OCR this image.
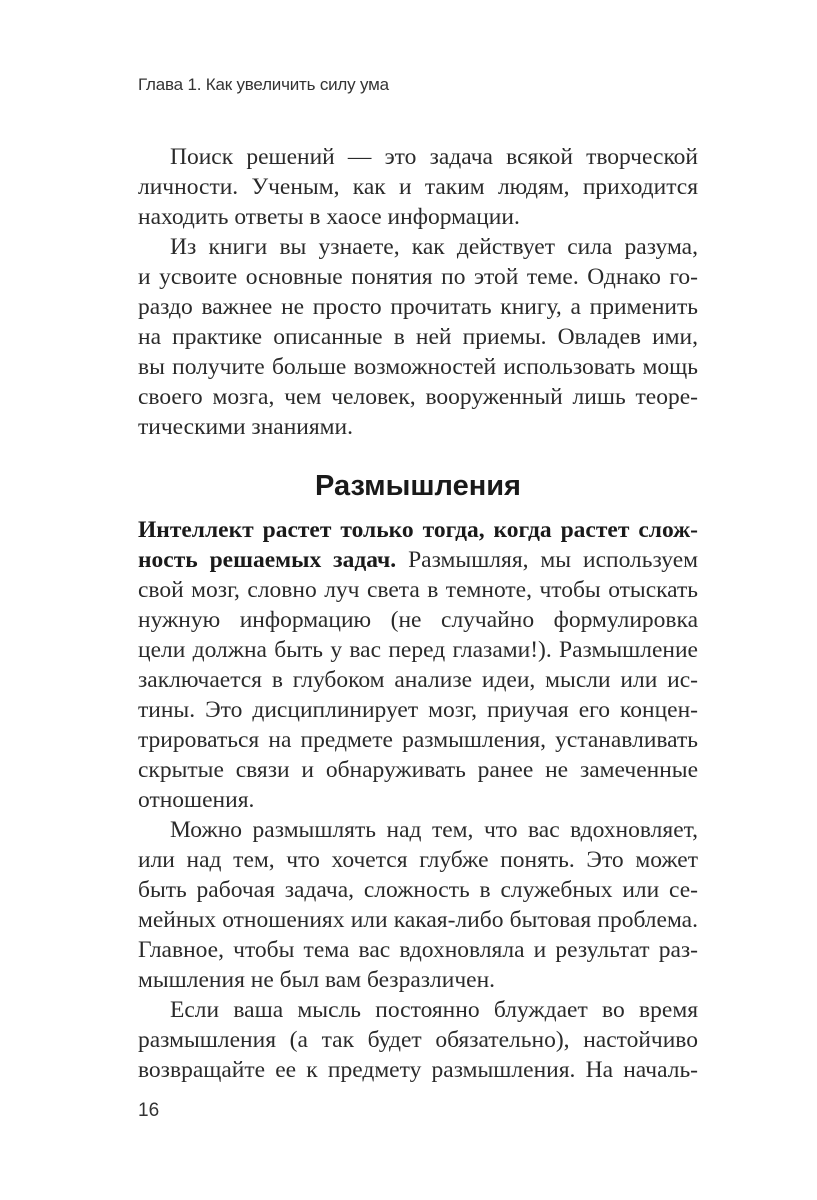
Глава 1. Как увеличить силу ума
Поиск решений — это задача всякой творческой
личности. Ученым, как и таким людям, приходится
находить ответы в хаосе информации.
Из книги вы узнаете, как действует сила разума,
и усвоите основные понятия по этой теме. Однако го-
раздо важнее не просто прочитать книгу, а применить
на практике описанные в ней приемы. Овладев ими,
вы получите больше возможностей использовать мощь
своего мозга, чем человек, вооруженный лишь теоре-
тическими знаниями.
Размышления
Интеллект растет только тогда, когда растет слож-
ность решаемых задач. Размышляя, мы используем
свой мозг, словно луч света в темноте, чтобы отыскать
нужную информацию (не случайно формулировка
цели должна быть у вас перед глазами!). Размышление
заключается в глубоком анализе идеи, мысли или ис-
тины. Это дисциплинирует мозг, приучая его концен-
трироваться на предмете размышления, устанавливать
скрытые связи и обнаруживать ранее не замеченные
отношения.
Можно размышлять над тем, что вас вдохновляет,
или над тем, что хочется глубже понять. Это может
быть рабочая задача, сложность в служебных или се-
мейных отношениях или какая-либо бытовая проблема.
Главное, чтобы тема вас вдохновляла и результат раз-
мышления не был вам безразличен.
Если ваша мысль постоянно блуждает во время
размышления (а так будет обязательно), настойчиво
возвращайте ее к предмету размышления. На началь-
16
